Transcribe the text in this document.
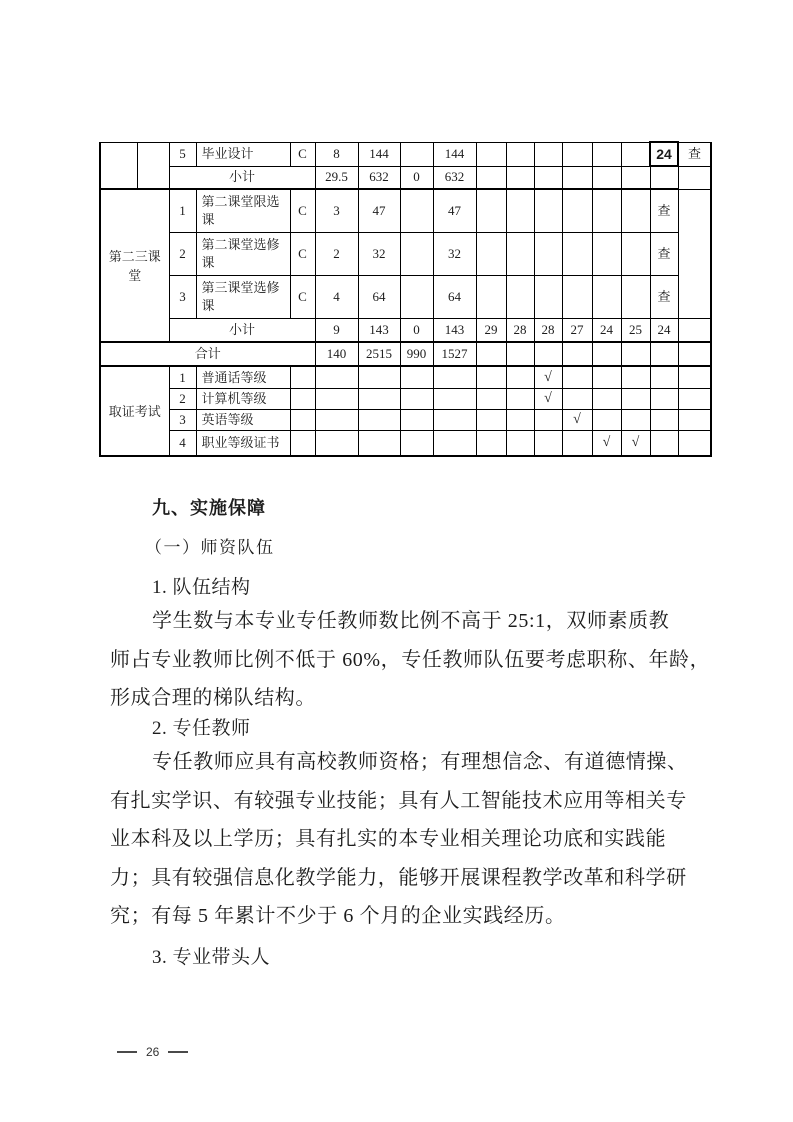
		5	毕业设计	C	8	144		144							24	查
		小计			29.5	632	0	632								
第二三课堂		1	第二课堂限选课	C	3	47		47							查	
		2	第二课堂选修课	C	2	32		32							查	
		3	第三课堂选修课	C	4	64		64							查	
		小计			9	143	0	143	29	28	28	27	24	25	24	
合计					140	2515	990	1527								
取证考试		1	普通话等级								√					
		2	计算机等级								√					
		3	英语等级									√				
		4	职业等级证书										√	√		
九、实施保障
（一）师资队伍
1. 队伍结构
学生数与本专业专任教师数比例不高于 25:1，双师素质教
师占专业教师比例不低于 60%，专任教师队伍要考虑职称、年龄，
形成合理的梯队结构。
2. 专任教师
专任教师应具有高校教师资格；有理想信念、有道德情操、
有扎实学识、有较强专业技能；具有人工智能技术应用等相关专
业本科及以上学历；具有扎实的本专业相关理论功底和实践能
力；具有较强信息化教学能力，能够开展课程教学改革和科学研
究；有每 5 年累计不少于 6 个月的企业实践经历。
3. 专业带头人
26
